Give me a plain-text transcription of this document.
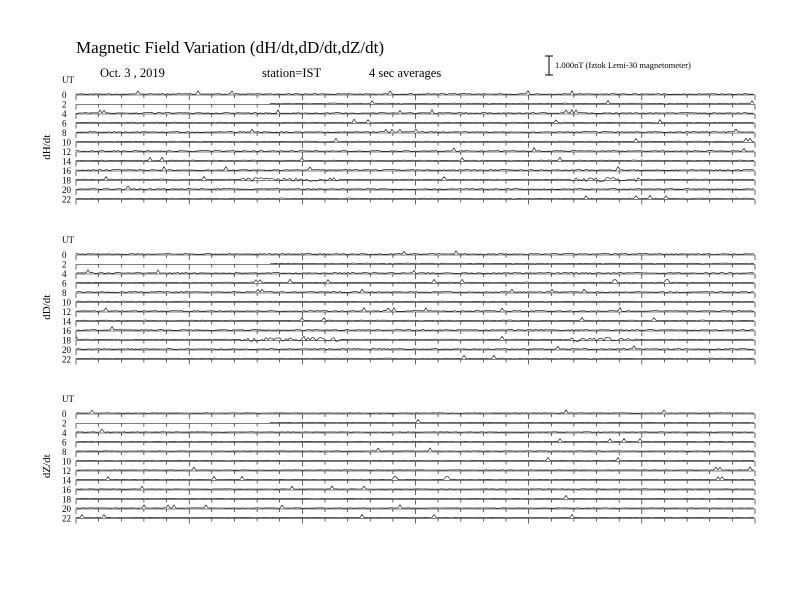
Magnetic Field Variation (dH/dt,dD/dt,dZ/dt)
Oct. 3 , 2019	station=IST	4 sec averages
1.000nT (Iztok Lemi-30 magnetometer)
UT
dH/dt
0
2
4
6
8
10
12
14
16
18
20
22
UT
dD/dt
0
2
4
6
8
10
12
14
16
18
20
22
UT
dZ/dt
0
2
4
6
8
10
12
14
16
18
20
22
